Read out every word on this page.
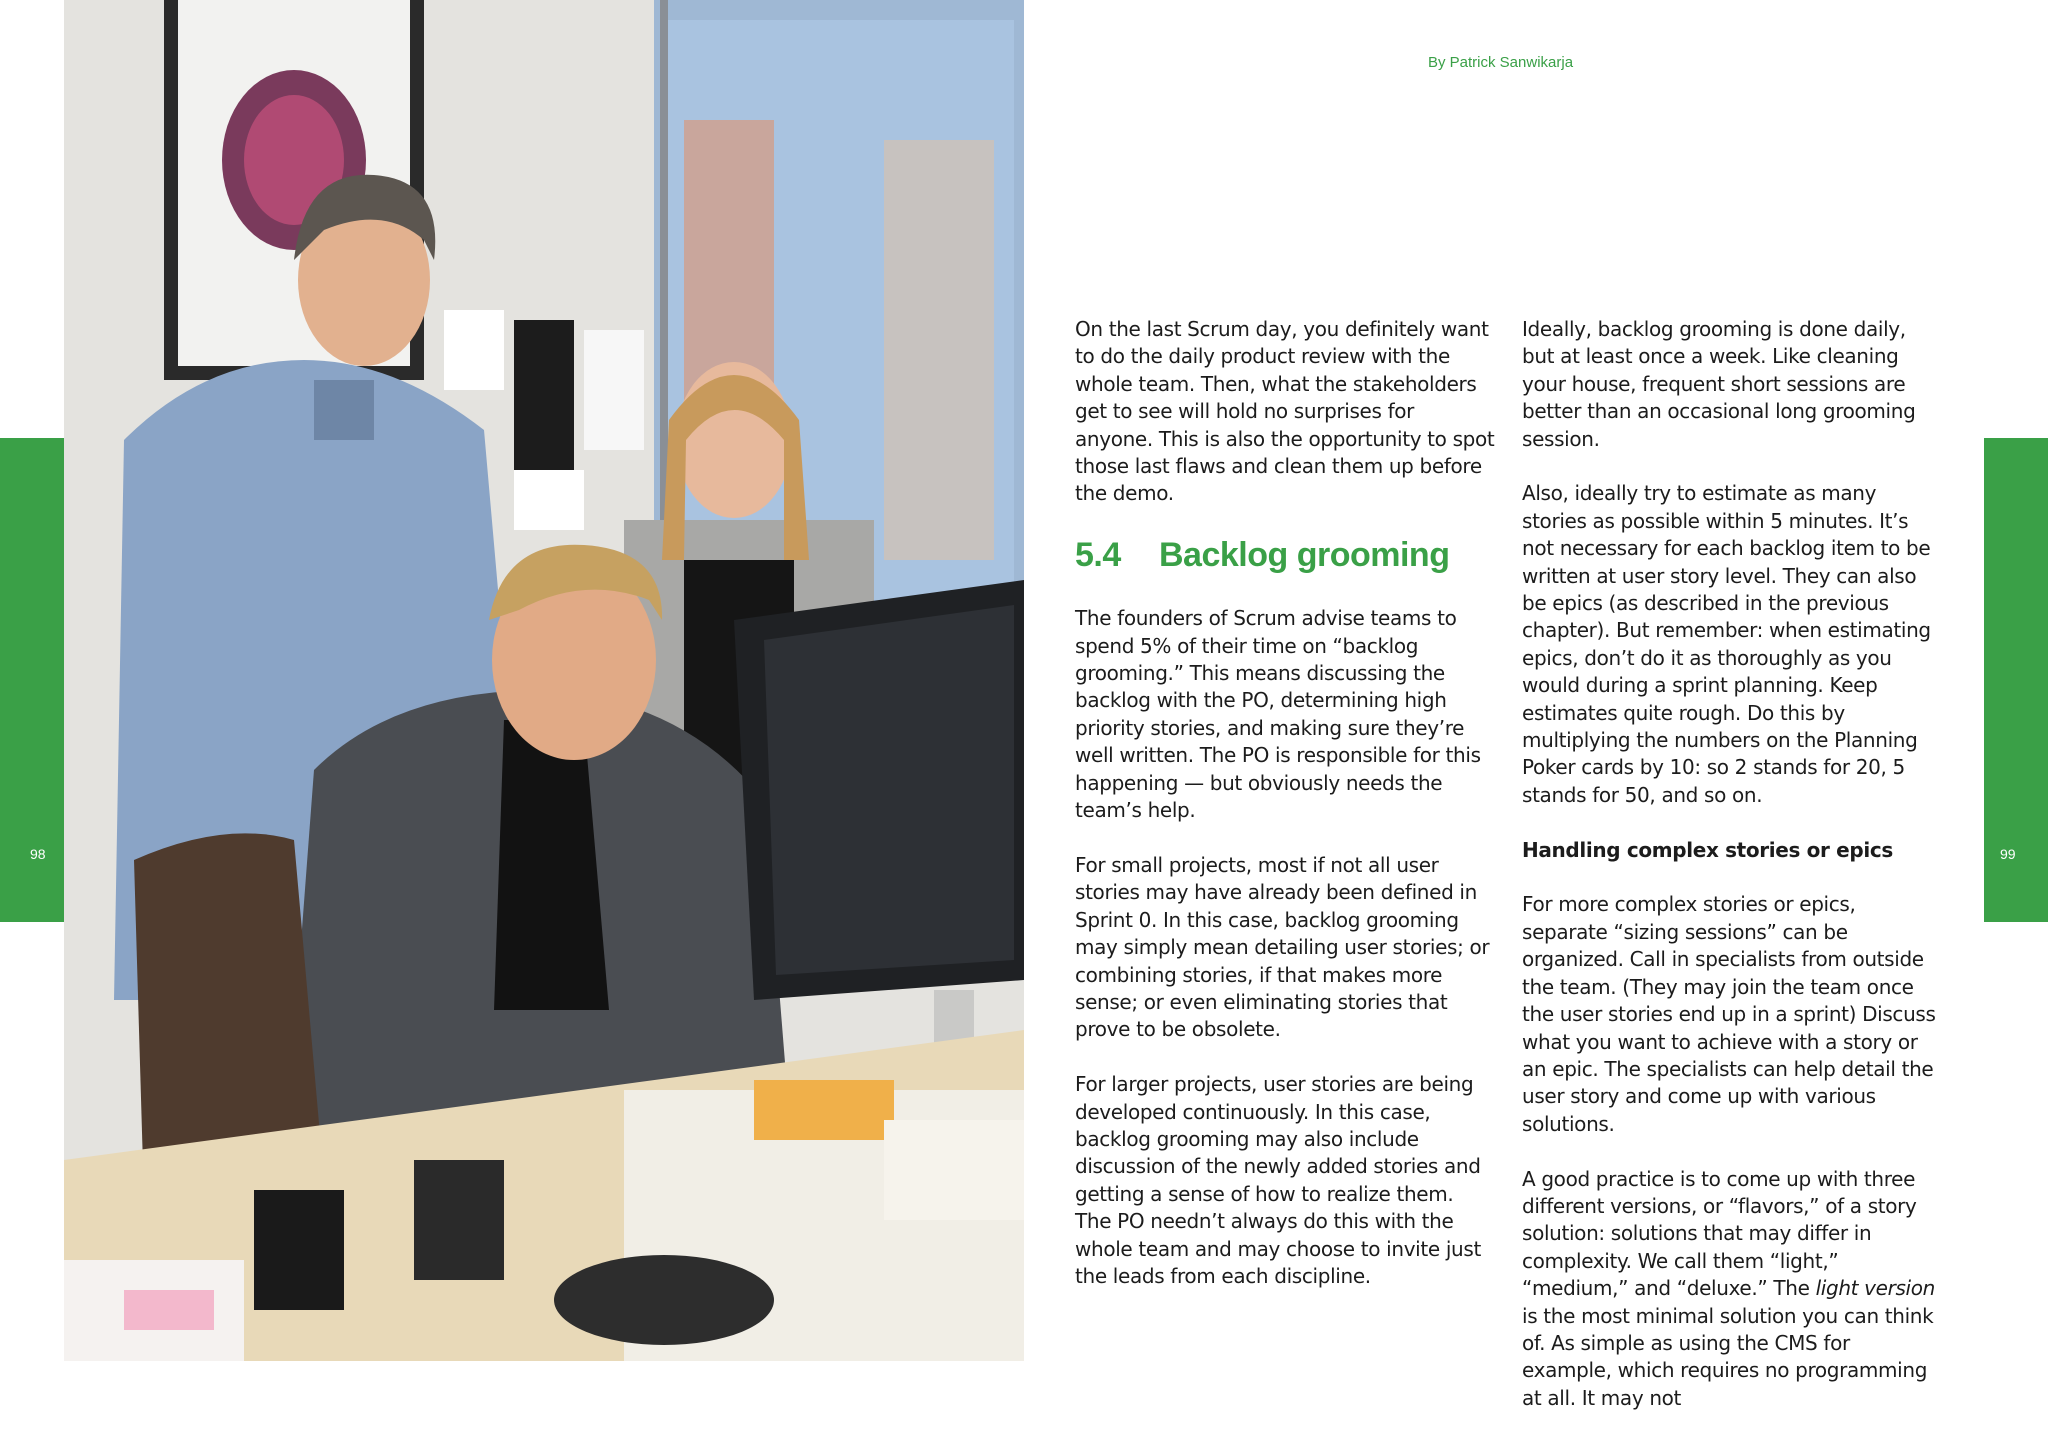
98	99
By Patrick Sanwikarja

On the last Scrum day, you definitely want to do the daily product review with the whole team. Then, what the stakeholders get to see will hold no surprises for anyone. This is also the opportunity to spot those last flaws and clean them up before the demo.

5.4 Backlog grooming

The founders of Scrum advise teams to spend 5% of their time on “backlog grooming.” This means discussing the backlog with the PO, determining high priority stories, and making sure they’re well written. The PO is responsible for this happening — but obviously needs the team’s help.

For small projects, most if not all user stories may have already been defined in Sprint 0. In this case, backlog grooming may simply mean detailing user stories; or combining stories, if that makes more sense; or even eliminating stories that prove to be obsolete.

For larger projects, user stories are being developed continuously. In this case, backlog grooming may also include discussion of the newly added stories and getting a sense of how to realize them. The PO needn’t always do this with the whole team and may choose to invite just the leads from each discipline.

Ideally, backlog grooming is done daily, but at least once a week. Like cleaning your house, frequent short sessions are better than an occasional long grooming session.

Also, ideally try to estimate as many stories as possible within 5 minutes. It’s not necessary for each backlog item to be written at user story level. They can also be epics (as described in the previous chapter). But remember: when estimating epics, don’t do it as thoroughly as you would during a sprint planning. Keep estimates quite rough. Do this by multiplying the numbers on the Planning Poker cards by 10: so 2 stands for 20, 5 stands for 50, and so on.

Handling complex stories or epics

For more complex stories or epics, separate “sizing sessions” can be organized. Call in specialists from outside the team. (They may join the team once the user stories end up in a sprint) Discuss what you want to achieve with a story or an epic. The specialists can help detail the user story and come up with various solutions.

A good practice is to come up with three different versions, or “flavors,” of a story solution: solutions that may differ in complexity. We call them “light,” “medium,” and “deluxe.” The light version is the most minimal solution you can think of. As simple as using the CMS for example, which requires no programming at all. It may not
